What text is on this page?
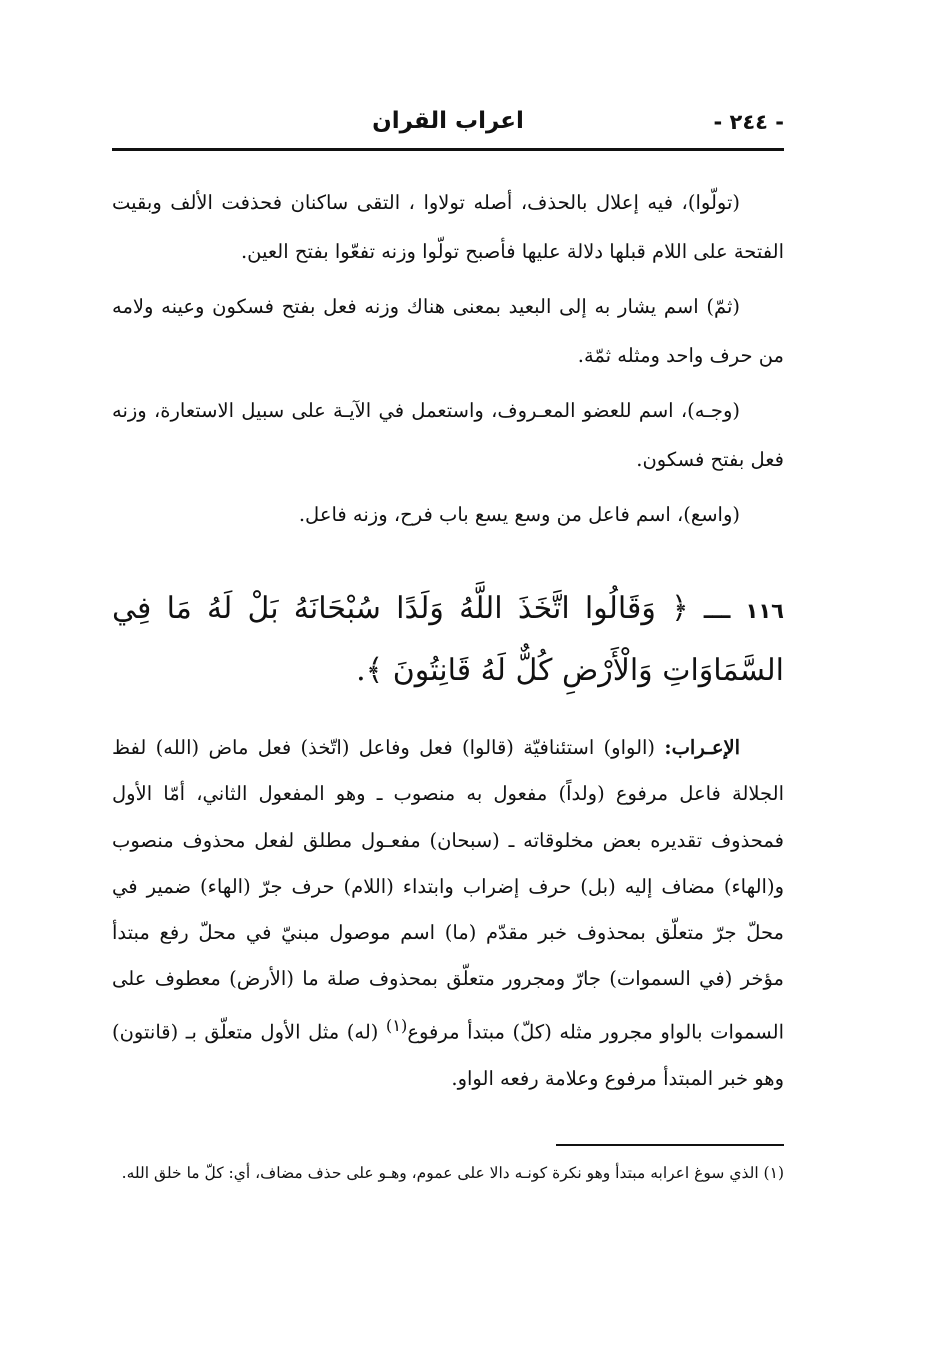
- ٢٤٤ -
اعراب القران

(تولّوا)، فيه إعلال بالحذف، أصله تولاوا ، التقى ساكنان فحذفت الألف وبقيت الفتحة على اللام قبلها دلالة عليها فأصبح تولّوا وزنه تفعّوا بفتح العين.

(ثمّ) اسم يشار به إلى البعيد بمعنى هناك وزنه فعل بفتح فسكون وعينه ولامه من حرف واحد ومثله ثمّة.

(وجـه)، اسم للعضو المعـروف، واستعمل في الآيـة على سبيل الاستعارة، وزنه فعل بفتح فسكون.

(واسع)، اسم فاعل من وسع يسع باب فرح، وزنه فاعل.

١١٦ ـــ ﴿ وَقَالُوا اتَّخَذَ اللَّهُ وَلَدًا سُبْحَانَهُ بَلْ لَهُ مَا فِي السَّمَاوَاتِ وَالْأَرْضِ كُلٌّ لَهُ قَانِتُونَ ﴾.

الإعـراب: (الواو) استئنافيّة (قالوا) فعل وفاعل (اتّخذ) فعل ماض (الله) لفظ الجلالة فاعل مرفوع (ولداً) مفعول به منصوب ـ وهو المفعول الثاني، أمّا الأول فمحذوف تقديره بعض مخلوقاته ـ (سبحان) مفعـول مطلق لفعل محذوف منصوب و(الهاء) مضاف إليه (بل) حرف إضراب وابتداء (اللام) حرف جرّ (الهاء) ضمير في محلّ جرّ متعلّق بمحذوف خبر مقدّم (ما) اسم موصول مبنيّ في محلّ رفع مبتدأ مؤخر (في السموات) جارّ ومجرور متعلّق بمحذوف صلة ما (الأرض) معطوف على السموات بالواو مجرور مثله (كلّ) مبتدأ مرفوع$^{(١)}$ (له) مثل الأول متعلّق بـ (قانتون) وهو خبر المبتدأ مرفوع وعلامة رفعه الواو.

(١) الذي سوغ اعرابه مبتدأ وهو نكرة كونـه دالا على عموم، وهـو على حذف مضاف، أي: كلّ ما خلق الله.
